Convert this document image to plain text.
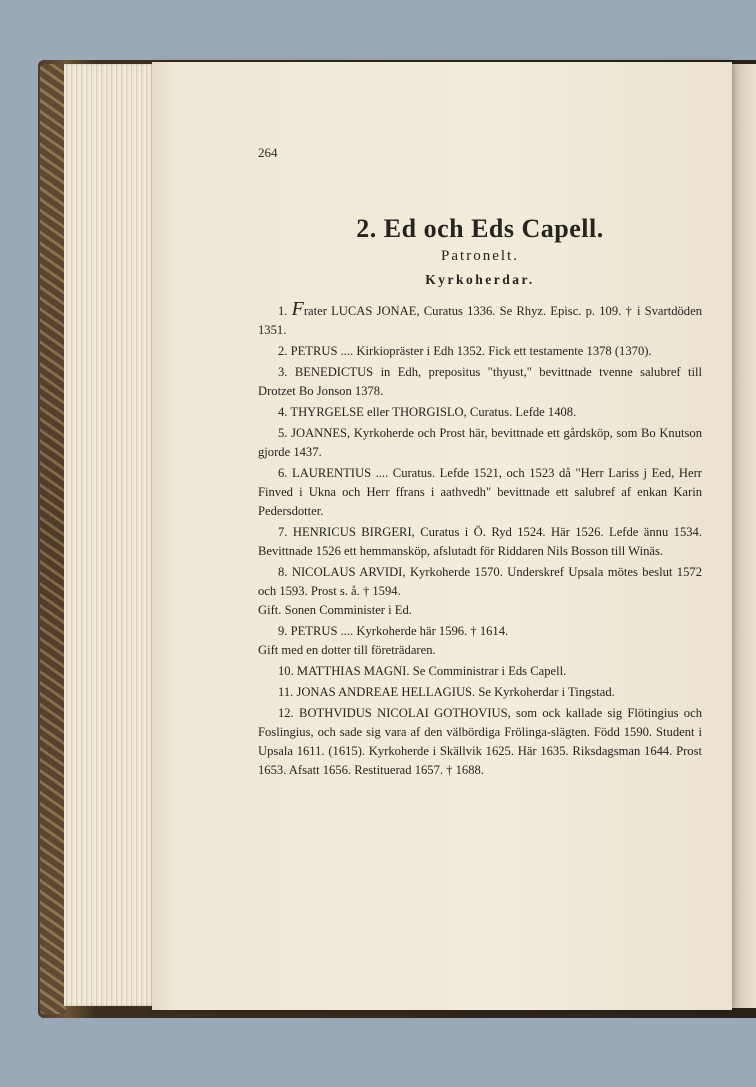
264
2. Ed och Eds Capell.
Patronelt.
Kyrkoherdar.

1. Frater LUCAS JONAE, Curatus 1336. Se Rhyz. Episc. p. 109. † i Svartdöden 1351.

2. PETRUS .... Kirkiopräster i Edh 1352. Fick ett testamente 1378 (1370).

3. BENEDICTUS in Edh, prepositus "thyust," bevittnade tvenne salubref till Drotzet Bo Jonson 1378.

4. THYRGELSE eller THORGISLO, Curatus. Lefde 1408.

5. JOANNES, Kyrkoherde och Prost här, bevittnade ett gårdsköp, som Bo Knutson gjorde 1437.

6. LAURENTIUS .... Curatus. Lefde 1521, och 1523 då "Herr Lariss j Eed, Herr Finved i Ukna och Herr ffrans i aathvedh" bevittnade ett salubref af enkan Karin Pedersdotter.

7. HENRICUS BIRGERI, Curatus i Ö. Ryd 1524. Här 1526. Lefde ännu 1534. Bevittnade 1526 ett hemmansköp, afslutadt för Riddaren Nils Bosson till Winäs.

8. NICOLAUS ARVIDI, Kyrkoherde 1570. Underskref Upsala mötes beslut 1572 och 1593. Prost s. å. † 1594.
Gift. Sonen Comminister i Ed.

9. PETRUS .... Kyrkoherde här 1596. † 1614.
Gift med en dotter till företrädaren.

10. MATTHIAS MAGNI. Se Comministrar i Eds Capell.

11. JONAS ANDREAE HELLAGIUS. Se Kyrkoherdar i Tingstad.

12. BOTHVIDUS NICOLAI GOTHOVIUS, som ock kallade sig Flötingius och Foslingius, och sade sig vara af den välbördiga Frölinga-slägten. Född 1590. Student i Upsala 1611. (1615). Kyrkoherde i Skällvik 1625. Här 1635. Riksdagsman 1644. Prost 1653. Afsatt 1656. Restituerad 1657. † 1688.
